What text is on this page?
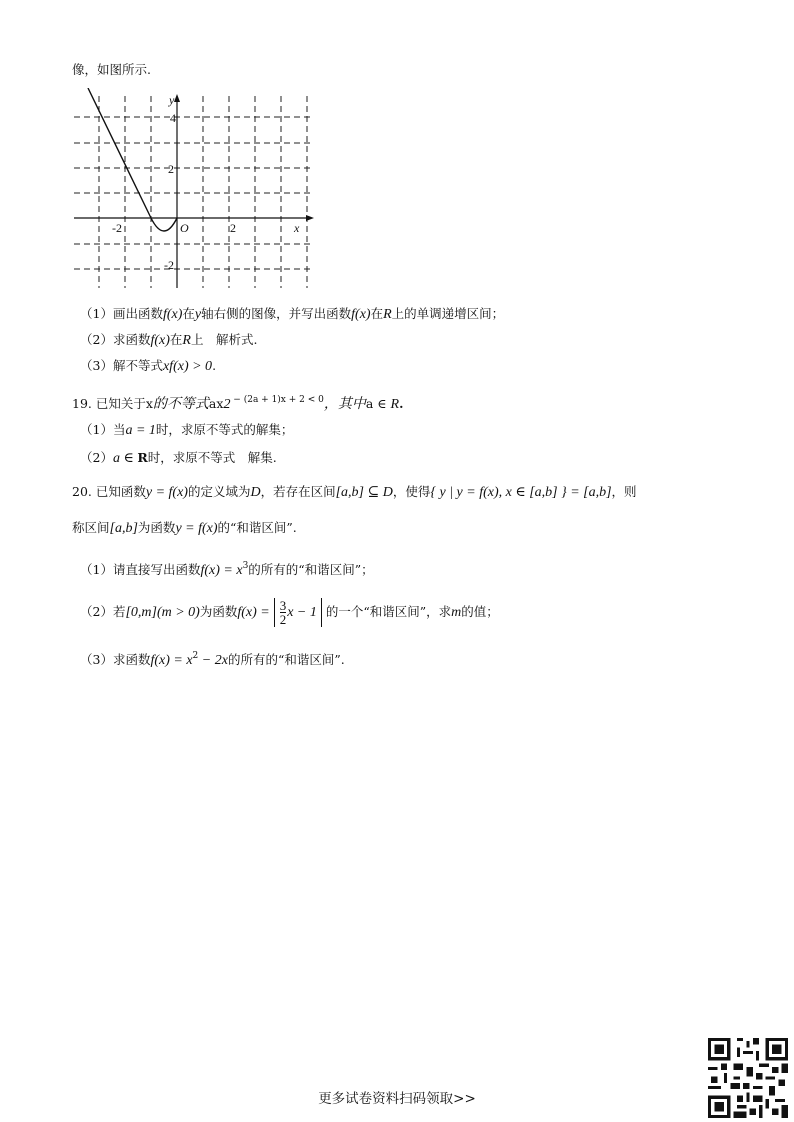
像，如图所示.
y
4
2
-2
-2	2
O	x
（1）画出函数f(x)在y轴右侧的图像，并写出函数f(x)在R上的单调递增区间；
（2）求函数f(x)在R上　解析式.
（3）解不等式xf(x) > 0.
19. 已知关于x的不等式ax2 $^{- (2a + 1)x + 2 < 0}$，其中a ∈ R.
（1）当a = 1时，求原不等式的解集；
（2）a ∈ R时，求原不等式　解集.
20. 已知函数y = f(x)的定义域为D，若存在区间[a,b] ⊆ D，使得{ y | y = f(x), x ∈ [a,b] } = [a,b]，则
称区间[a,b]为函数y = f(x)的“和谐区间”.
（1）请直接写出函数$f(x) = x^3$的所有的“和谐区间”；
（2）若[0,m](m > 0)为函数$f(x) = \frac{3}{2}$ x − 1 的一个“和谐区间”，求m的值；
（3）求函数$f(x) = x^2 - 2x$的所有的“和谐区间”.
更多试卷资料扫码领取>>
